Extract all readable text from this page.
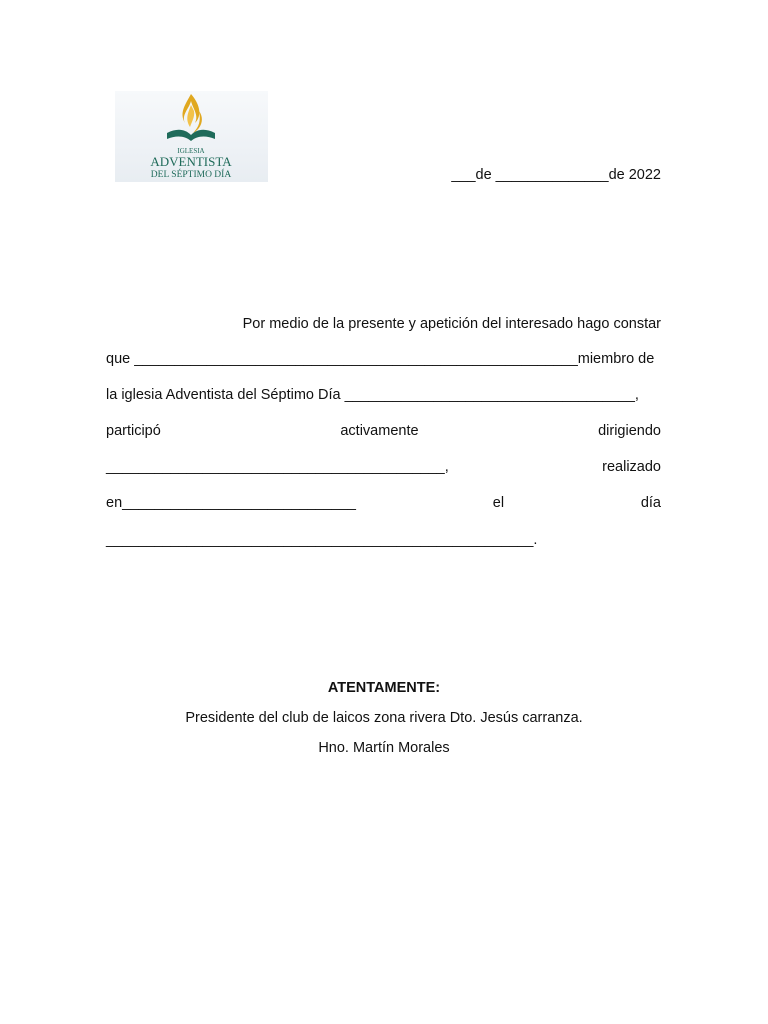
IGLESIA
ADVENTISTA
DEL SÉPTIMO DÍA	___de ______________de 2022
Por medio de la presente y apetición del interesado hago constar
que _______________________________________________________miembro de
la iglesia Adventista del Séptimo Día ____________________________________,
participó	activamente	dirigiendo
__________________________________________,	realizado
en_____________________________	el	día
_____________________________________________________.
ATENTAMENTE:
Presidente del club de laicos zona rivera Dto. Jesús carranza.
Hno. Martín Morales
